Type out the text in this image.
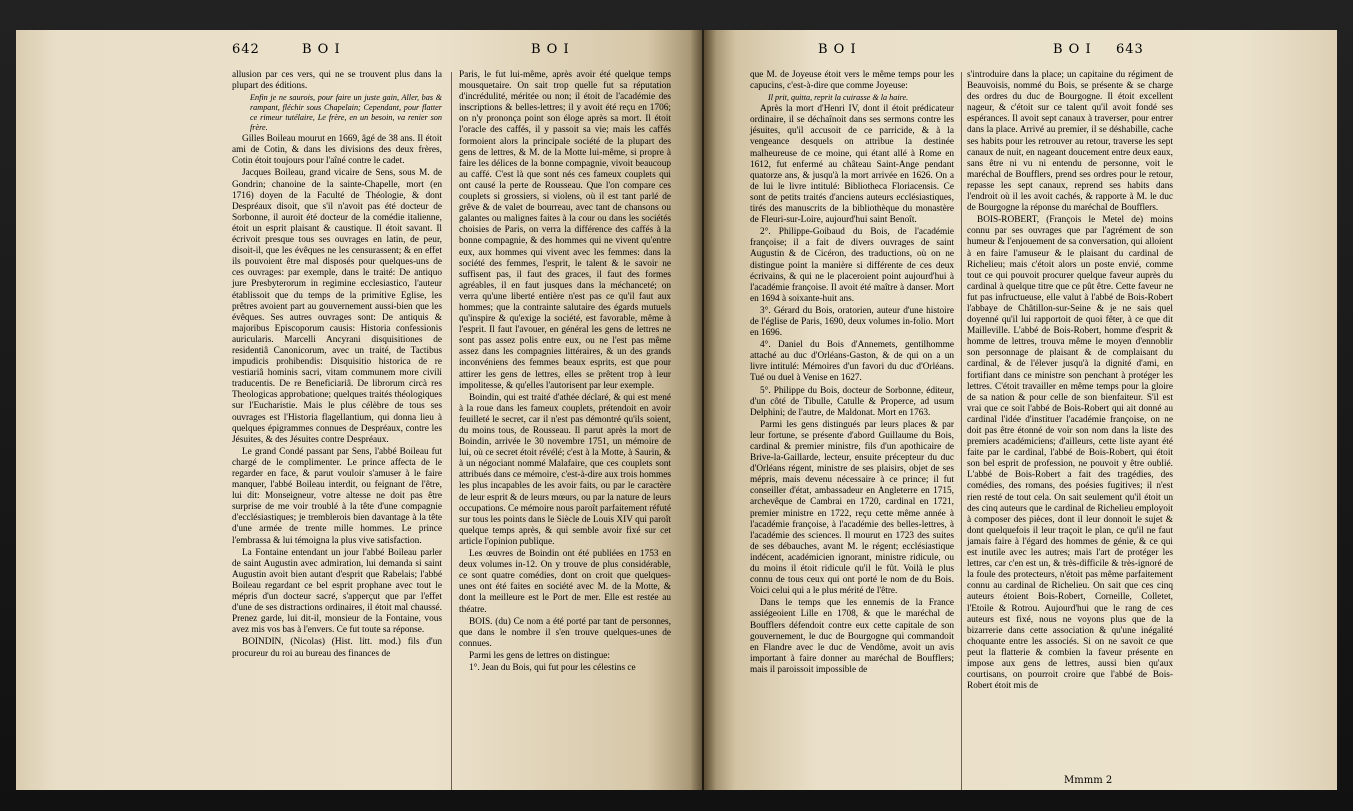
642	B O I	B O I	B O I	B O I 643

allusion par ces vers, qui ne se trouvent plus dans la plupart des éditions.

Enfin je ne saurois, pour faire un juste gain, Aller, bas & rampant, fléchir sous Chapelain; Cependant, pour flatter ce rimeur tutélaire, Le frère, en un besoin, va renier son frère.

Gilles Boileau mourut en 1669, âgé de 38 ans. Il étoit ami de Cotin, & dans les divisions des deux frères, Cotin étoit toujours pour l'aîné contre le cadet.

Jacques Boileau, grand vicaire de Sens, sous M. de Gondrin; chanoine de la sainte-Chapelle, mort (en 1716) doyen de la Faculté de Théologie, & dont Despréaux disoit, que s'il n'avoit pas été docteur de Sorbonne, il auroit été docteur de la comédie italienne, étoit un esprit plaisant & caustique. Il étoit savant. Il écrivoit presque tous ses ouvrages en latin, de peur, disoit-il, que les évêques ne les censurassent; & en effet ils pouvoient être mal disposés pour quelques-uns de ces ouvrages: par exemple, dans le traité: De antiquo jure Presbyterorum in regimine ecclesiastico, l'auteur établissoit que du temps de la primitive Eglise, les prêtres avoient part au gouvernement aussi-bien que les évêques. Ses autres ouvrages sont: De antiquis & majoribus Episcoporum causis: Historia confessionis auricularis. Marcelli Ancyrani disquisitiones de residentiâ Canonicorum, avec un traité, de Tactibus impudicis prohibendis: Disquisitio historica de re vestiariâ hominis sacri, vitam communem more civili traducentis. De re Beneficiariâ. De librorum circà res Theologicas approbatione; quelques traités théologiques sur l'Eucharistie. Mais le plus célèbre de tous ses ouvrages est l'Historia flagellantium, qui donna lieu à quelques épigrammes connues de Despréaux, contre les Jésuites, & des Jésuites contre Despréaux.

Le grand Condé passant par Sens, l'abbé Boileau fut chargé de le complimenter. Le prince affecta de le regarder en face, & parut vouloir s'amuser à le faire manquer, l'abbé Boileau interdit, ou feignant de l'être, lui dit: Monseigneur, votre altesse ne doit pas être surprise de me voir troublé à la tête d'une compagnie d'ecclésiastiques; je tremblerois bien davantage à la tête d'une armée de trente mille hommes. Le prince l'embrassa & lui témoigna la plus vive satisfaction.

La Fontaine entendant un jour l'abbé Boileau parler de saint Augustin avec admiration, lui demanda si saint Augustin avoit bien autant d'esprit que Rabelais; l'abbé Boileau regardant ce bel esprit prophane avec tout le mépris d'un docteur sacré, s'apperçut que par l'effet d'une de ses distractions ordinaires, il étoit mal chaussé. Prenez garde, lui dit-il, monsieur de la Fontaine, vous avez mis vos bas à l'envers. Ce fut toute sa réponse.

BOINDIN, (Nicolas) (Hist. litt. mod.) fils d'un procureur du roi au bureau des finances de

Paris, le fut lui-même, après avoir été quelque temps mousquetaire. On sait trop quelle fut sa réputation d'incrédulité, méritée ou non; il étoit de l'académie des inscriptions & belles-lettres; il y avoit été reçu en 1706; on n'y prononça point son éloge après sa mort. Il étoit l'oracle des caffés, il y passoit sa vie; mais les caffés formoient alors la principale société de la plupart des gens de lettres, & M. de la Motte lui-même, si propre à faire les délices de la bonne compagnie, vivoit beaucoup au caffé. C'est là que sont nés ces fameux couplets qui ont causé la perte de Rousseau. Que l'on compare ces couplets si grossiers, si violens, où il est tant parlé de grêve & de valet de bourreau, avec tant de chansons ou galantes ou malignes faites à la cour ou dans les sociétés choisies de Paris, on verra la différence des caffés à la bonne compagnie, & des hommes qui ne vivent qu'entre eux, aux hommes qui vivent avec les femmes: dans la société des femmes, l'esprit, le talent & le savoir ne suffisent pas, il faut des graces, il faut des formes agréables, il en faut jusques dans la méchanceté; on verra qu'une liberté entière n'est pas ce qu'il faut aux hommes; que la contrainte salutaire des égards mutuels qu'inspire & qu'exige la société, est favorable, même à l'esprit. Il faut l'avouer, en général les gens de lettres ne sont pas assez polis entre eux, ou ne l'est pas même assez dans les compagnies littéraires, & un des grands inconvéniens des femmes beaux esprits, est que pour attirer les gens de lettres, elles se prêtent trop à leur impolitesse, & qu'elles l'autorisent par leur exemple.

Boindin, qui est traité d'athée déclaré, & qui est mené à la roue dans les fameux couplets, prétendoit en avoir feuilleté le secret, car il n'est pas démontré qu'ils soient, du moins tous, de Rousseau. Il parut après la mort de Boindin, arrivée le 30 novembre 1751, un mémoire de lui, où ce secret étoit révélé; c'est à la Motte, à Saurin, & à un négociant nommé Malafaire, que ces couplets sont attribués dans ce mémoire, c'est-à-dire aux trois hommes les plus incapables de les avoir faits, ou par le caractère de leur esprit & de leurs mœurs, ou par la nature de leurs occupations. Ce mémoire nous paroît parfaitement réfuté sur tous les points dans le Siècle de Louis XIV qui paroît quelque temps après, & qui semble avoir fixé sur cet article l'opinion publique.

Les œuvres de Boindin ont été publiées en 1753 en deux volumes in-12. On y trouve de plus considérable, ce sont quatre comédies, dont on croit que quelques-unes ont été faites en société avec M. de la Motte, & dont la meilleure est le Port de mer. Elle est restée au théatre.

BOIS. (du) Ce nom a été porté par tant de personnes, que dans le nombre il s'en trouve quelques-unes de connues.

Parmi les gens de lettres on distingue:

1°. Jean du Bois, qui fut pour les célestins ce

que M. de Joyeuse étoit vers le même temps pour les capucins, c'est-à-dire que comme Joyeuse:

Il prit, quitta, reprit la cuirasse & la haire.

Après la mort d'Henri IV, dont il étoit prédicateur ordinaire, il se déchaînoit dans ses sermons contre les jésuites, qu'il accusoit de ce parricide, & à la vengeance desquels on attribue la destinée malheureuse de ce moine, qui étant allé à Rome en 1612, fut enfermé au château Saint-Ange pendant quatorze ans, & jusqu'à la mort arrivée en 1626. On a de lui le livre intitulé: Bibliotheca Floriacensis. Ce sont de petits traités d'anciens auteurs ecclésiastiques, tirés des manuscrits de la bibliothèque du monastère de Fleuri-sur-Loire, aujourd'hui saint Benoît.

2°. Philippe-Goibaud du Bois, de l'académie françoise; il a fait de divers ouvrages de saint Augustin & de Cicéron, des traductions, où on ne distingue point la manière si différente de ces deux écrivains, & qui ne le placeroient point aujourd'hui à l'académie françoise. Il avoit été maître à danser. Mort en 1694 à soixante-huit ans.

3°. Gérard du Bois, oratorien, auteur d'une histoire de l'église de Paris, 1690, deux volumes in-folio. Mort en 1696.

4°. Daniel du Bois d'Annemets, gentilhomme attaché au duc d'Orléans-Gaston, & de qui on a un livre intitulé: Mémoires d'un favori du duc d'Orléans. Tué ou duel à Venise en 1627.

5°. Philippe du Bois, docteur de Sorbonne, éditeur, d'un côté de Tibulle, Catulle & Properce, ad usum Delphini; de l'autre, de Maldonat. Mort en 1763.

Parmi les gens distingués par leurs places & par leur fortune, se présente d'abord Guillaume du Bois, cardinal & premier ministre, fils d'un apothicaire de Brive-la-Gaillarde, lecteur, ensuite précepteur du duc d'Orléans régent, ministre de ses plaisirs, objet de ses mépris, mais devenu nécessaire à ce prince; il fut conseiller d'état, ambassadeur en Angleterre en 1715, archevêque de Cambrai en 1720, cardinal en 1721, premier ministre en 1722, reçu cette même année à l'académie françoise, à l'académie des belles-lettres, à l'académie des sciences. Il mourut en 1723 des suites de ses débauches, avant M. le régent; ecclésiastique indécent, académicien ignorant, ministre ridicule, ou du moins il étoit ridicule qu'il le fût. Voilà le plus connu de tous ceux qui ont porté le nom de du Bois. Voici celui qui a le plus mérité de l'être.

Dans le temps que les ennemis de la France assiégeoient Lille en 1708, & que le maréchal de Boufflers défendoit contre eux cette capitale de son gouvernement, le duc de Bourgogne qui commandoit en Flandre avec le duc de Vendôme, avoit un avis important à faire donner au maréchal de Boufflers; mais il paroissoit impossible de

s'introduire dans la place; un capitaine du régiment de Beauvoisis, nommé du Bois, se présente & se charge des ordres du duc de Bourgogne. Il étoit excellent nageur, & c'étoit sur ce talent qu'il avoit fondé ses espérances. Il avoit sept canaux à traverser, pour entrer dans la place. Arrivé au premier, il se déshabille, cache ses habits pour les retrouver au retour, traverse les sept canaux de nuit, en nageant doucement entre deux eaux, sans être ni vu ni entendu de personne, voit le maréchal de Boufflers, prend ses ordres pour le retour, repasse les sept canaux, reprend ses habits dans l'endroit où il les avoit cachés, & rapporte à M. le duc de Bourgogne la réponse du maréchal de Boufflers.

BOIS-ROBERT, (François le Metel de) moins connu par ses ouvrages que par l'agrément de son humeur & l'enjouement de sa conversation, qui alloient à en faire l'amuseur & le plaisant du cardinal de Richelieu; mais c'étoit alors un poste envié, comme tout ce qui pouvoit procurer quelque faveur auprès du cardinal à quelque titre que ce pût être. Cette faveur ne fut pas infructueuse, elle valut à l'abbé de Bois-Robert l'abbaye de Châtillon-sur-Seine & je ne sais quel doyenné qu'il lui rapportoit de quoi fêter, à ce que dit Mailleville. L'abbé de Bois-Robert, homme d'esprit & homme de lettres, trouva même le moyen d'ennoblir son personnage de plaisant & de complaisant du cardinal, & de l'élever jusqu'à la dignité d'ami, en fortifiant dans ce ministre son penchant à protéger les lettres. C'étoit travailler en même temps pour la gloire de sa nation & pour celle de son bienfaiteur. S'il est vrai que ce soit l'abbé de Bois-Robert qui ait donné au cardinal l'idée d'instituer l'académie françoise, on ne doit pas être étonné de voir son nom dans la liste des premiers académiciens; d'ailleurs, cette liste ayant été faite par le cardinal, l'abbé de Bois-Robert, qui étoit son bel esprit de profession, ne pouvoit y être oublié. L'abbé de Bois-Robert a fait des tragédies, des comédies, des romans, des poésies fugitives; il n'est rien resté de tout cela. On sait seulement qu'il étoit un des cinq auteurs que le cardinal de Richelieu employoit à composer des pièces, dont il leur donnoit le sujet & dont quelquefois il leur traçoit le plan, ce qu'il ne faut jamais faire à l'égard des hommes de génie, & ce qui est inutile avec les autres; mais l'art de protéger les lettres, car c'en est un, & très-difficile & très-ignoré de la foule des protecteurs, n'étoit pas même parfaitement connu au cardinal de Richelieu. On sait que ces cinq auteurs étoient Bois-Robert, Corneille, Colletet, l'Etoile & Rotrou. Aujourd'hui que le rang de ces auteurs est fixé, nous ne voyons plus que de la bizarrerie dans cette association & qu'une inégalité choquante entre les associés. Si on ne savoit ce que peut la flatterie & combien la faveur présente en impose aux gens de lettres, aussi bien qu'aux courtisans, on pourroit croire que l'abbé de Bois-Robert étoit mis de

Mmmm 2
